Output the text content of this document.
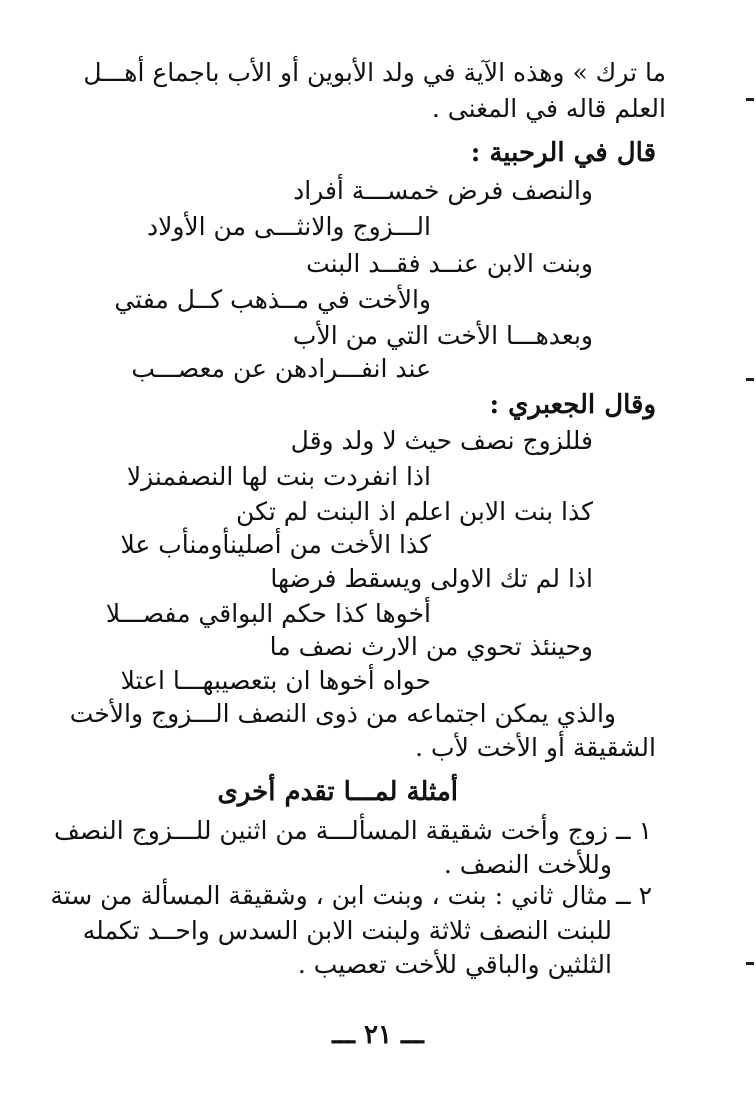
ما ترك » وهذه الآية في ولد الأبوين أو الأب باجماع أهـــل
العلم قاله في المغنى .
قال في الرحبية :
والنصف فرض خمســـة أفراد
الـــزوج والانثـــى من الأولاد
وبنت الابن عنــد فقــد البنت
والأخت في مــذهب كــل مفتي
وبعدهـــا الأخت التي من الأب
عند انفـــرادهن عن معصـــب
وقال الجعبري :
فللزوج نصف حيث لا ولد وقل
اذا انفردت بنت لها النصفمنزلا
كذا بنت الابن اعلم اذ البنت لم تكن
كذا الأخت من أصلينأومنأب علا
اذا لم تك الاولى ويسقط فرضها
أخوها كذا حكم البواقي مفصـــلا
وحينئذ تحوي من الارث نصف ما
حواه أخوها ان بتعصيبهـــا اعتلا
والذي يمكن اجتماعه من ذوى النصف الـــزوج والأخت
الشقيقة أو الأخت لأب .
أمثلة لمـــا تقدم أخرى
١ ــ زوج وأخت شقيقة المسألـــة من اثنين للـــزوج النصف
وللأخت النصف .
٢ ــ مثال ثاني : بنت ، وبنت ابن ، وشقيقة المسألة من ستة
للبنت النصف ثلاثة ولبنت الابن السدس واحــد تكمله
الثلثين والباقي للأخت تعصيب .
ـــ ٢١ ـــ
